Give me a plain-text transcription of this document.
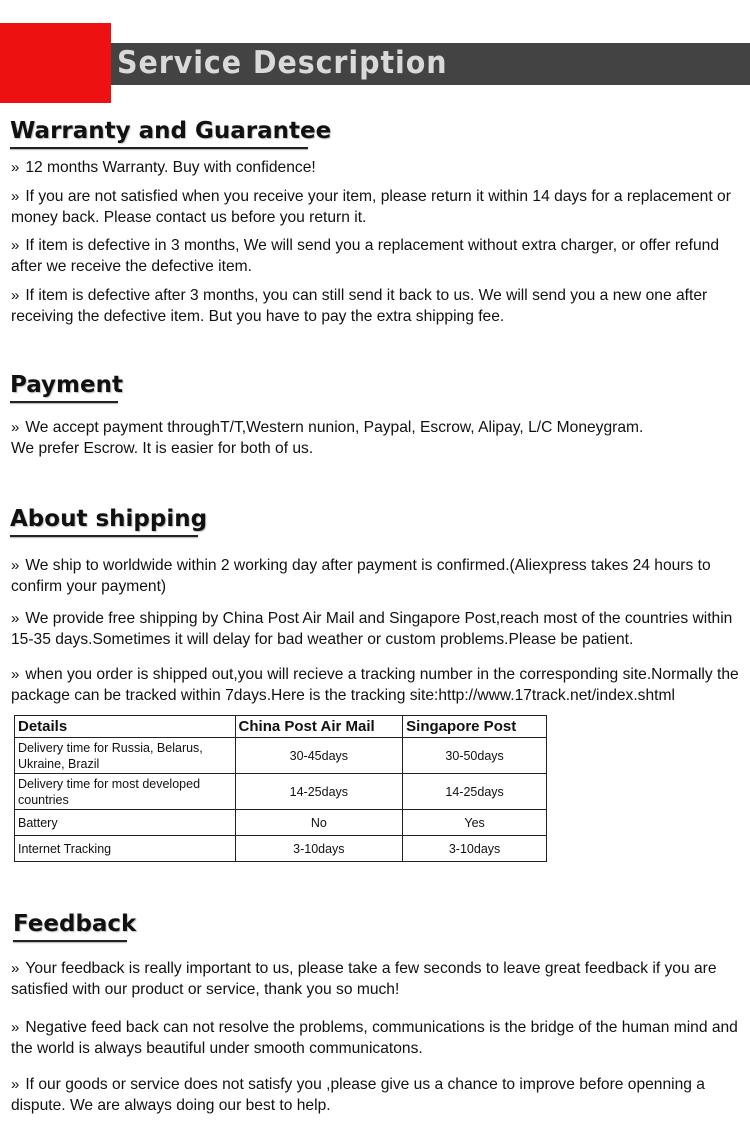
Service Description
Warranty and Guarantee
» 12 months Warranty. Buy with confidence!
» If you are not satisfied when you receive your item, please return it within 14 days for a replacement or money back. Please contact us before you return it.
» If item is defective in 3 months, We will send you a replacement without extra charger, or offer refund after we receive the defective item.
» If item is defective after 3 months, you can still send it back to us. We will send you a new one after receiving the defective item. But you have to pay the extra shipping fee.
Payment
» We accept payment throughT/T,Western nunion, Paypal, Escrow, Alipay, L/C Moneygram.
We prefer Escrow. It is easier for both of us.
About shipping
» We ship to worldwide within 2 working day after payment is confirmed.(Aliexpress takes 24 hours to confirm your payment)
» We provide free shipping by China Post Air Mail and Singapore Post,reach most of the countries within 15-35 days.Sometimes it will delay for bad weather or custom problems.Please be patient.
» when you order is shipped out,you will recieve a tracking number in the corresponding site.Normally the package can be tracked within 7days.Here is the tracking site:http://www.17track.net/index.shtml
Details	China Post Air Mail	Singapore Post
Delivery time for Russia, Belarus, Ukraine, Brazil	30-45days	30-50days
Delivery time for most developed countries	14-25days	14-25days
Battery	No	Yes
Internet Tracking	3-10days	3-10days
Feedback
» Your feedback is really important to us, please take a few seconds to leave great feedback if you are satisfied with our product or service, thank you so much!
» Negative feed back can not resolve the problems, communications is the bridge of the human mind and the world is always beautiful under smooth communicatons.
» If our goods or service does not satisfy you ,please give us a chance to improve before openning a dispute. We are always doing our best to help.
